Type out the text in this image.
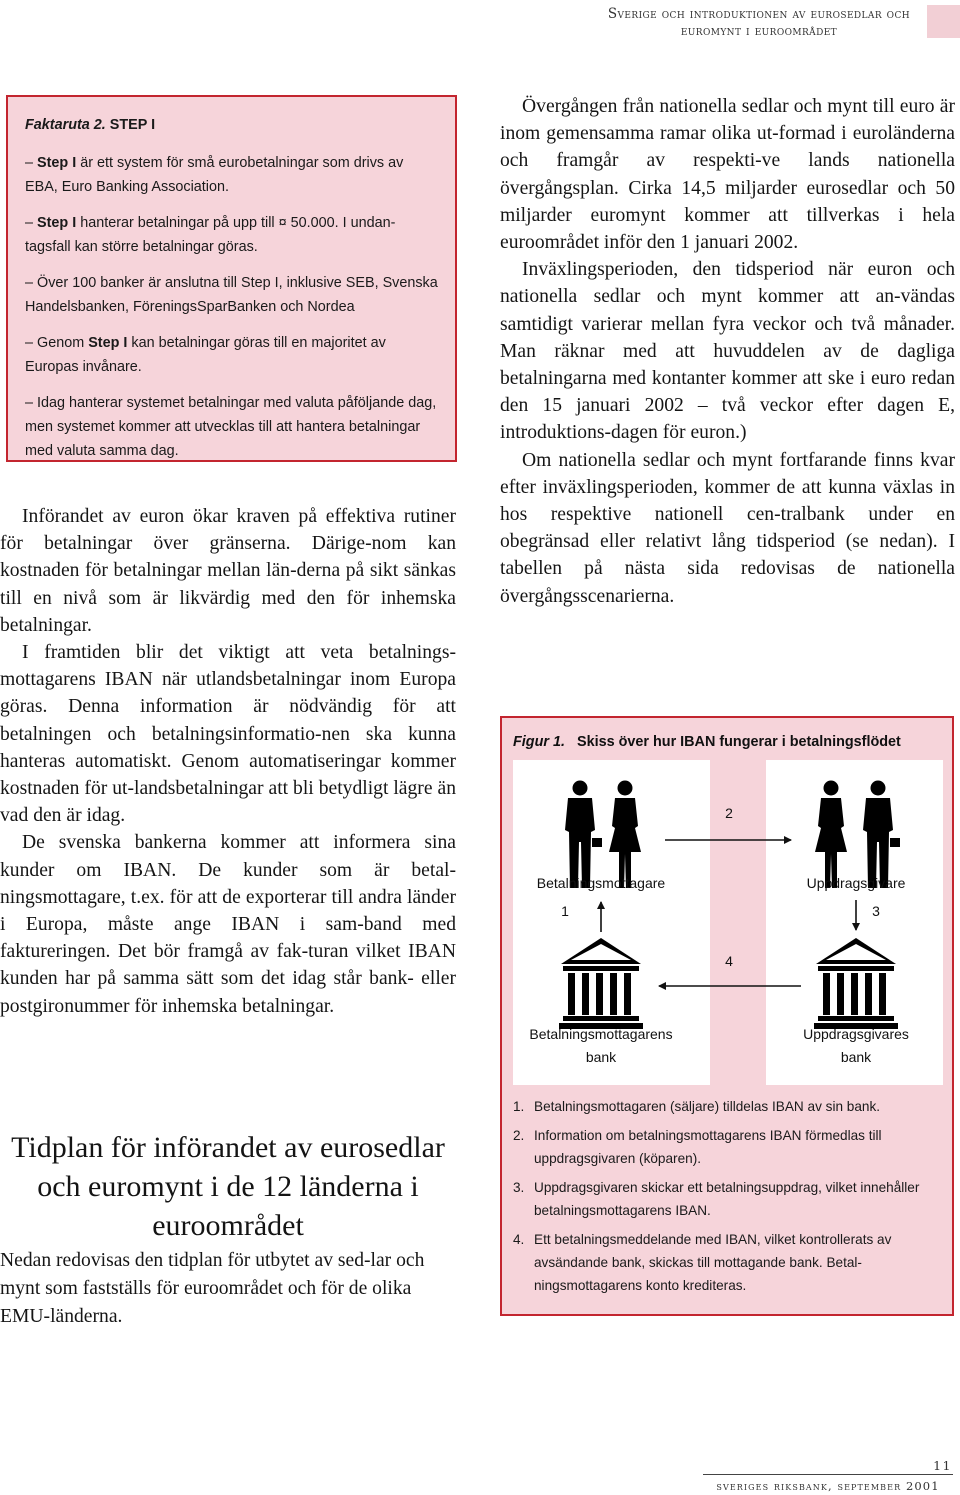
Sverige och introduktionen av eurosedlar och
euromynt i euroområdet
Faktaruta 2. STEP I
– Step I är ett system för små eurobetalningar som drivs av EBA, Euro Banking Association.
– Step I hanterar betalningar på upp till ¤ 50.000. I undan-tagsfall kan större betalningar göras.
– Över 100 banker är anslutna till Step I, inklusive SEB, Svenska Handelsbanken, FöreningsSparBanken och Nordea
– Genom Step I kan betalningar göras till en majoritet av Europas invånare.
– Idag hanterar systemet betalningar med valuta påföljande dag, men systemet kommer att utvecklas till att hantera betalningar med valuta samma dag.

Införandet av euron ökar kraven på effektiva rutiner för betalningar över gränserna. Därige-nom kan kostnaden för betalningar mellan län-derna på sikt sänkas till en nivå som är likvärdig med den för inhemska betalningar.

I framtiden blir det viktigt att veta betalnings-mottagarens IBAN när utlandsbetalningar inom Europa göras. Denna information är nödvändig för att betalningen och betalningsinformatio-nen ska kunna hanteras automatiskt. Genom automatiseringar kommer kostnaden för ut-landsbetalningar att bli betydligt lägre än vad den är idag.

De svenska bankerna kommer att informera sina kunder om IBAN. De kunder som är betal-ningsmottagare, t.ex. för att de exporterar till andra länder i Europa, måste ange IBAN i sam-band med faktureringen. Det bör framgå av fak-turan vilket IBAN kunden har på samma sätt som det idag står bank- eller postgironummer för inhemska betalningar.

Tidplan för införandet av eurosedlar och euromynt i de 12 länderna i euroområdet

Nedan redovisas den tidplan för utbytet av sed-lar och mynt som fastställs för euroområdet och för de olika EMU-länderna.

Övergången från nationella sedlar och mynt till euro är inom gemensamma ramar olika ut-formad i euroländerna och framgår av respekti-ve lands nationella övergångsplan. Cirka 14,5 miljarder eurosedlar och 50 miljarder euromynt kommer att tillverkas i hela euroområdet inför den 1 januari 2002.

Inväxlingsperioden, den tidsperiod när euron och nationella sedlar och mynt kommer att an-vändas samtidigt varierar mellan fyra veckor och två månader. Man räknar med att huvuddelen av de dagliga betalningarna med kontanter kommer att ske i euro redan den 15 januari 2002 – två veckor efter dagen E, introduktions-dagen för euron.)

Om nationella sedlar och mynt fortfarande finns kvar efter inväxlingsperioden, kommer de att kunna växlas in hos respektive nationell cen-tralbank under en obegränsad eller relativt lång tidsperiod (se nedan). I tabellen på nästa sida redovisas de nationella övergångsscenarierna.

Figur 1. Skiss över hur IBAN fungerar i betalningsflödet
Betalningsmottagare	Uppdragsgivare
2
1	3
4
Betalningsmottagarens
bank
Uppdragsgivares
bank
1. Betalningsmottagaren (säljare) tilldelas IBAN av sin bank.
2. Information om betalningsmottagarens IBAN förmedlas till uppdragsgivaren (köparen).
3. Uppdragsgivaren skickar ett betalningsuppdrag, vilket innehåller betalningsmottagarens IBAN.
4. Ett betalningsmeddelande med IBAN, vilket kontrollerats av avsändande bank, skickas till mottagande bank. Betal-ningsmottagarens konto krediteras.
11
sveriges riksbank, september 2001
